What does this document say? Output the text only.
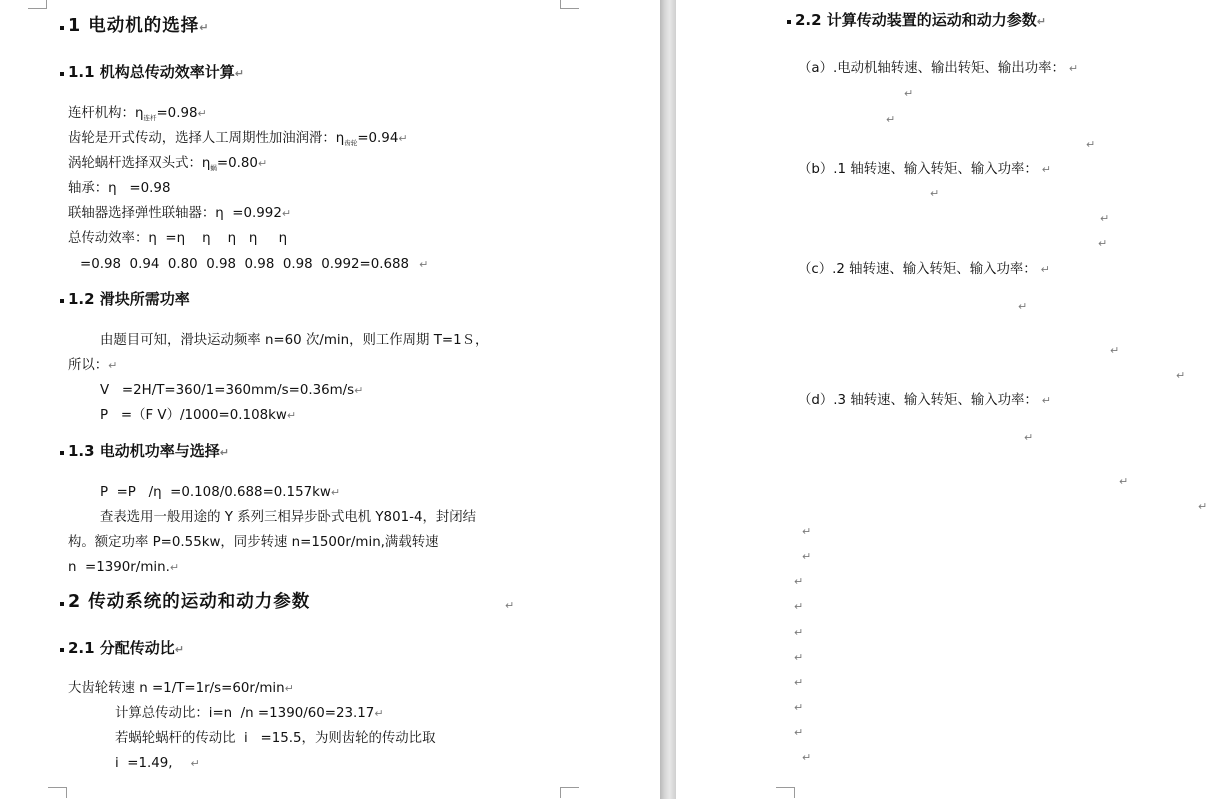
1 电动机的选择↵
1.1 机构总传动效率计算↵
连杆机构：$\eta_{连杆}=0.98↵$
齿轮是开式传动，选择人工周期性加油润滑：$\eta_{齿轮}=0.94↵$
涡轮蜗杆选择双头式：$\eta_蜗=0.80↵$
轴承：η   =0.98
联轴器选择弹性联轴器：η  =0.992↵
总传动效率：η  =η    η    η   η     η
=0.98  0.94  0.80  0.98  0.98  0.98  0.992=0.688 ↵
1.2 滑块所需功率
由题目可知，滑块运动频率 n=60 次/min，则工作周期 T=1Ｓ，
所以：↵
V   =2H/T=360/1=360mm/s=0.36m/s↵
P   =（F V）/1000=0.108kw↵
1.3 电动机功率与选择↵
P  =P   /η  =0.108/0.688=0.157kw↵
查表选用一般用途的 Y 系列三相异步卧式电机 Y801-4，封闭结
构。额定功率 P=0.55kw，同步转速 n=1500r/min,满载转速
n  =1390r/min.↵
2 传动系统的运动和动力参数	↵
2.1 分配传动比↵
大齿轮转速 n =1/T=1r/s=60r/min↵
计算总传动比：i=n  /n =1390/60=23.17↵
若蜗轮蜗杆的传动比  i   =15.5，为则齿轮的传动比取
i  =1.49, ↵
2.2 计算传动装置的运动和动力参数↵
（a）.电动机轴转速、输出转矩、输出功率： ↵
↵
↵
↵
（b）.1 轴转速、输入转矩、输入功率： ↵
↵
↵
↵
（c）.2 轴转速、输入转矩、输入功率： ↵
↵
↵
↵
（d）.3 轴转速、输入转矩、输入功率： ↵
↵
↵
↵
↵
↵
↵
↵
↵
↵
↵
↵
↵
↵
